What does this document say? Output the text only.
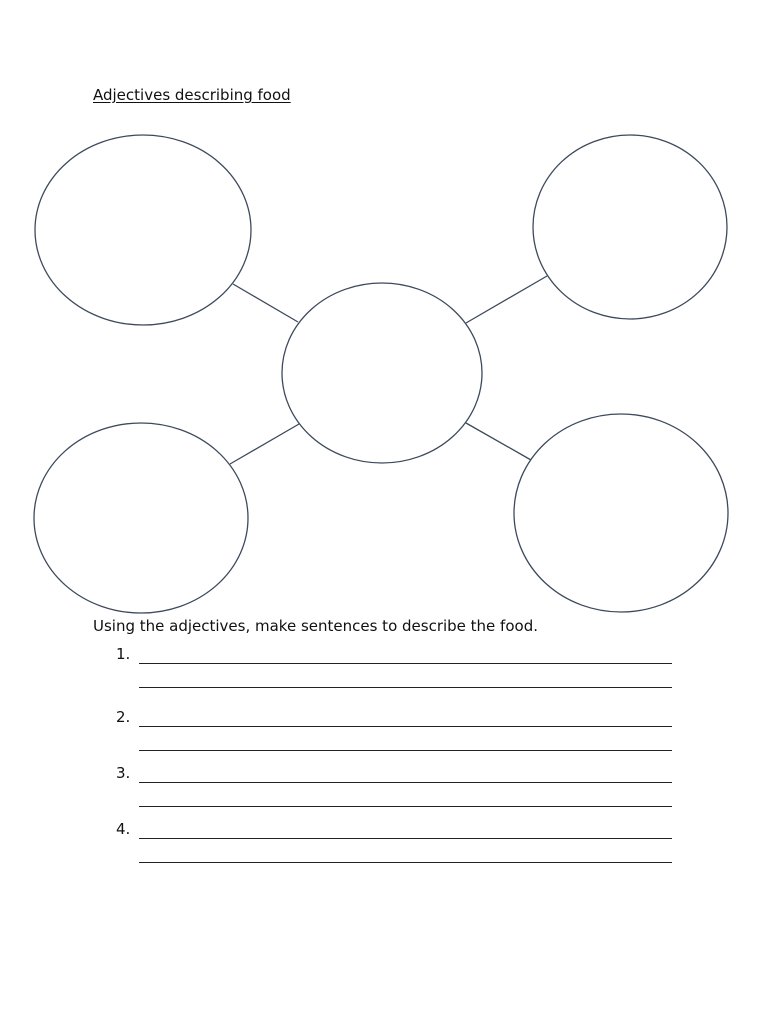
Adjectives describing food
Using the adjectives, make sentences to describe the food.
1.
2.
3.
4.
